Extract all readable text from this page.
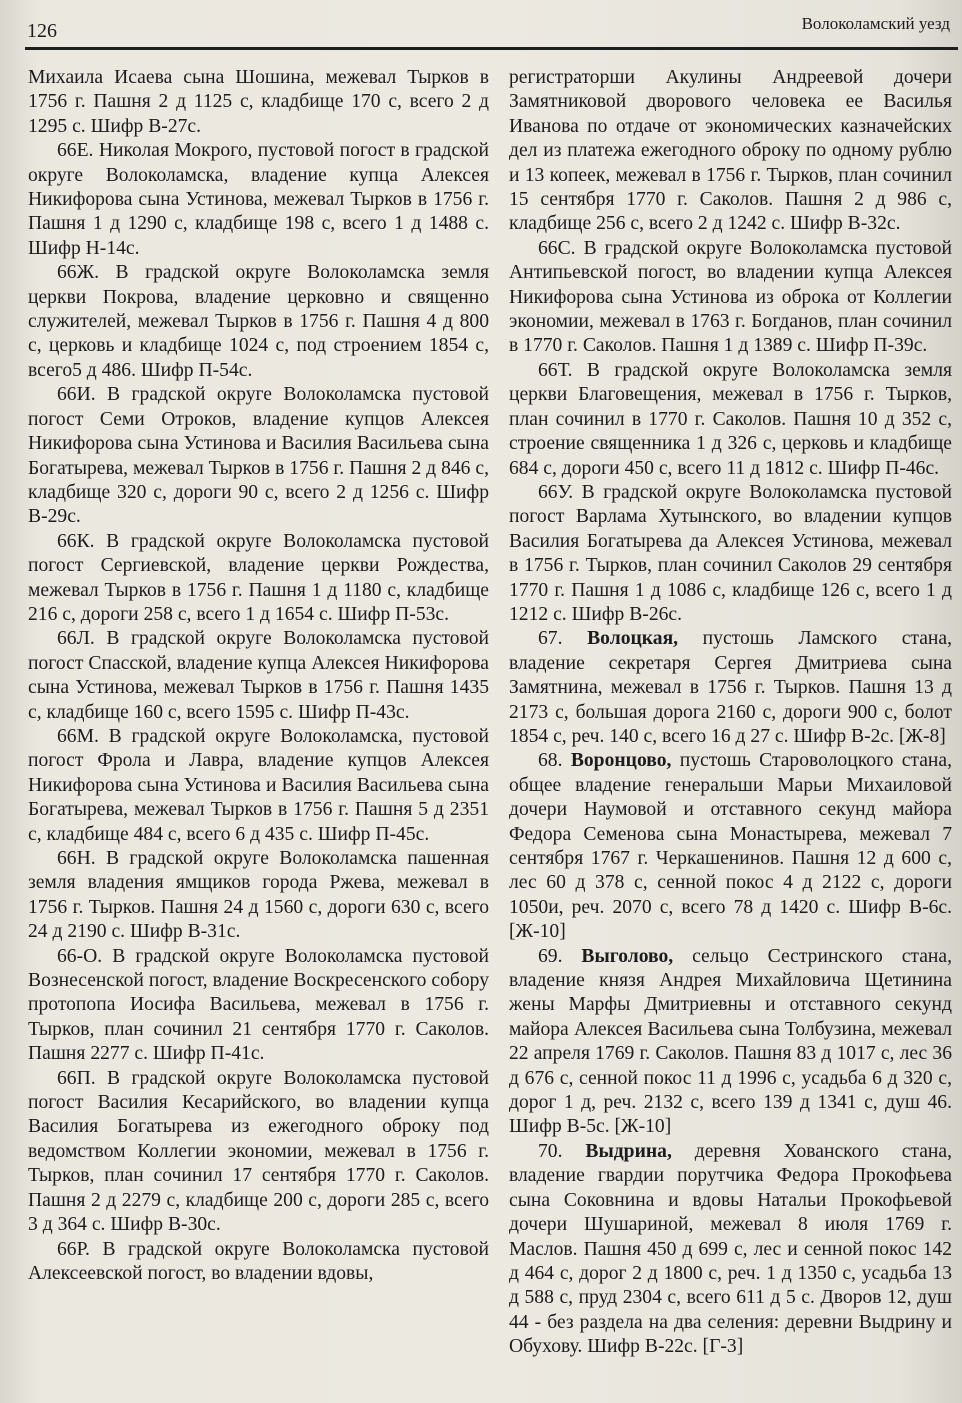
126	Волоколамский уезд

Михаила Исаева сына Шошина, межевал Тырков в 1756 г. Пашня 2 д 1125 с, кладбище 170 с, всего 2 д 1295 с. Шифр В-27с.

66Е. Николая Мокрого, пустовой погост в градской округе Волоколамска, владение купца Алексея Никифорова сына Устинова, межевал Тырков в 1756 г. Пашня 1 д 1290 с, кладбище 198 с, всего 1 д 1488 с. Шифр Н-14с.

66Ж. В градской округе Волоколамска земля церкви Покрова, владение церковно и священно служителей, межевал Тырков в 1756 г. Пашня 4 д 800 с, церковь и кладбище 1024 с, под строением 1854 с, всего5 д 486. Шифр П-54с.

66И. В градской округе Волоколамска пустовой погост Семи Отроков, владение купцов Алексея Никифорова сына Устинова и Василия Васильева сына Богатырева, межевал Тырков в 1756 г. Пашня 2 д 846 с, кладбище 320 с, дороги 90 с, всего 2 д 1256 с. Шифр В-29с.

66К. В градской округе Волоколамска пустовой погост Сергиевской, владение церкви Рождества, межевал Тырков в 1756 г. Пашня 1 д 1180 с, кладбище 216 с, дороги 258 с, всего 1 д 1654 с. Шифр П-53с.

66Л. В градской округе Волоколамска пустовой погост Спасской, владение купца Алексея Никифорова сына Устинова, межевал Тырков в 1756 г. Пашня 1435 с, кладбище 160 с, всего 1595 с. Шифр П-43с.

66М. В градской округе Волоколамска, пустовой погост Фрола и Лавра, владение купцов Алексея Никифорова сына Устинова и Василия Васильева сына Богатырева, межевал Тырков в 1756 г. Пашня 5 д 2351 с, кладбище 484 с, всего 6 д 435 с. Шифр П-45с.

66Н. В градской округе Волоколамска пашенная земля владения ямщиков города Ржева, межевал в 1756 г. Тырков. Пашня 24 д 1560 с, дороги 630 с, всего 24 д 2190 с. Шифр В-31с.

66-О. В градской округе Волоколамска пустовой Вознесенской погост, владение Воскресенского собору протопопа Иосифа Васильева, межевал в 1756 г. Тырков, план сочинил 21 сентября 1770 г. Саколов. Пашня 2277 с. Шифр П-41с.

66П. В градской округе Волоколамска пустовой погост Василия Кесарийского, во владении купца Василия Богатырева из ежегодного оброку под ведомством Коллегии экономии, межевал в 1756 г. Тырков, план сочинил 17 сентября 1770 г. Саколов. Пашня 2 д 2279 с, кладбище 200 с, дороги 285 с, всего 3 д 364 с. Шифр В-30с.

66Р. В градской округе Волоколамска пустовой Алексеевской погост, во владении вдовы,

регистраторши Акулины Андреевой дочери Замятниковой дворового человека ее Василья Иванова по отдаче от экономических казначейских дел из платежа ежегодного оброку по одному рублю и 13 копеек, межевал в 1756 г. Тырков, план сочинил 15 сентября 1770 г. Саколов. Пашня 2 д 986 с, кладбище 256 с, всего 2 д 1242 с. Шифр В-32с.

66С. В градской округе Волоколамска пустовой Антипьевской погост, во владении купца Алексея Никифорова сына Устинова из оброка от Коллегии экономии, межевал в 1763 г. Богданов, план сочинил в 1770 г. Саколов. Пашня 1 д 1389 с. Шифр П-39с.

66Т. В градской округе Волоколамска земля церкви Благовещения, межевал в 1756 г. Тырков, план сочинил в 1770 г. Саколов. Пашня 10 д 352 с, строение священника 1 д 326 с, церковь и кладбище 684 с, дороги 450 с, всего 11 д 1812 с. Шифр П-46с.

66У. В градской округе Волоколамска пустовой погост Варлама Хутынского, во владении купцов Василия Богатырева да Алексея Устинова, межевал в 1756 г. Тырков, план сочинил Саколов 29 сентября 1770 г. Пашня 1 д 1086 с, кладбище 126 с, всего 1 д 1212 с. Шифр В-26с.

67. Волоцкая, пустошь Ламского стана, владение секретаря Сергея Дмитриева сына Замятнина, межевал в 1756 г. Тырков. Пашня 13 д 2173 с, большая дорога 2160 с, дороги 900 с, болот 1854 с, реч. 140 с, всего 16 д 27 с. Шифр В-2с. [Ж-8]

68. Воронцово, пустошь Староволоцкого стана, общее владение генеральши Марьи Михаиловой дочери Наумовой и отставного секунд майора Федора Семенова сына Монастырева, межевал 7 сентября 1767 г. Черкашенинов. Пашня 12 д 600 с, лес 60 д 378 с, сенной покос 4 д 2122 с, дороги 1050и, реч. 2070 с, всего 78 д 1420 с. Шифр В-6с. [Ж-10]

69. Выголово, сельцо Сестринского стана, владение князя Андрея Михайловича Щетинина жены Марфы Дмитриевны и отставного секунд майора Алексея Васильева сына Толбузина, межевал 22 апреля 1769 г. Саколов. Пашня 83 д 1017 с, лес 36 д 676 с, сенной покос 11 д 1996 с, усадьба 6 д 320 с, дорог 1 д, реч. 2132 с, всего 139 д 1341 с, душ 46. Шифр В-5с. [Ж-10]

70. Выдрина, деревня Хованского стана, владение гвардии порутчика Федора Прокофьева сына Соковнина и вдовы Натальи Прокофьевой дочери Шушариной, межевал 8 июля 1769 г. Маслов. Пашня 450 д 699 с, лес и сенной покос 142 д 464 с, дорог 2 д 1800 с, реч. 1 д 1350 с, усадьба 13 д 588 с, пруд 2304 с, всего 611 д 5 с. Дворов 12, душ 44 - без раздела на два селения: деревни Выдрину и Обухову. Шифр В-22с. [Г-3]
